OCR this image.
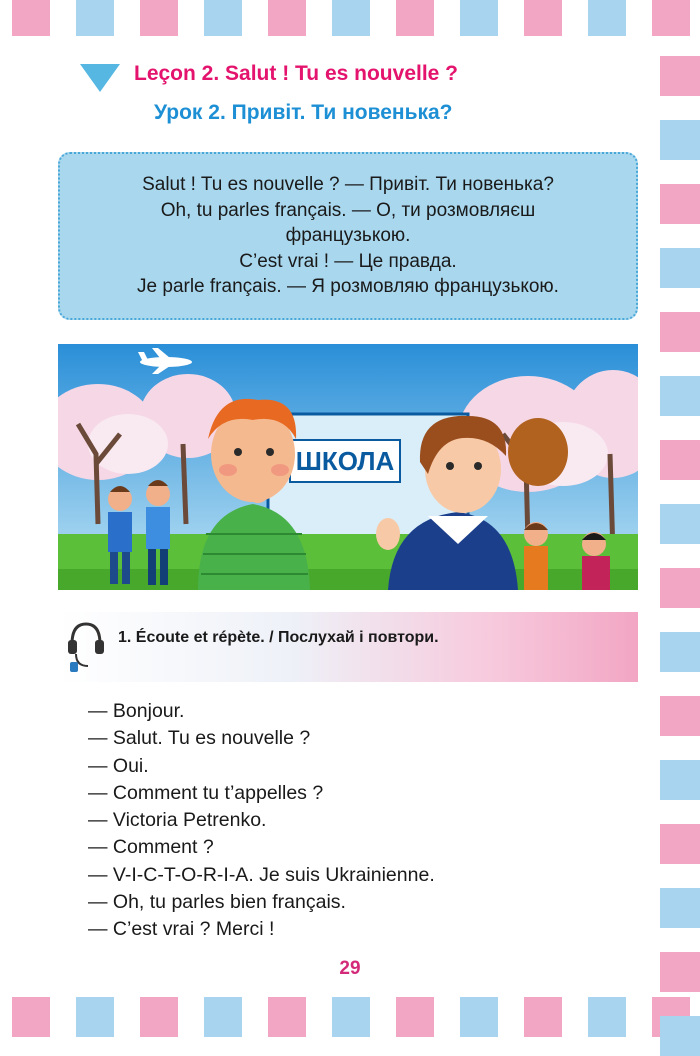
Leçon 2. Salut ! Tu es nouvelle ?
Урок 2. Привіт. Ти новенька?
Salut ! Tu es nouvelle ? — Привіт. Ти новенька?
Oh, tu parles français. — О, ти розмовляєш
французькою.
C’est vrai ! — Це правда.
Je parle français. — Я розмовляю французькою.
ШКОЛА
1. Écoute et répète. / Послухай і повтори.
— Bonjour.
— Salut. Tu es nouvelle ?
— Oui.
— Comment tu t’appelles ?
— Victoria Petrenko.
— Comment ?
— V-I-C-T-O-R-I-A. Je suis Ukrainienne.
— Oh, tu parles bien français.
— C’est vrai ? Merci !
29
